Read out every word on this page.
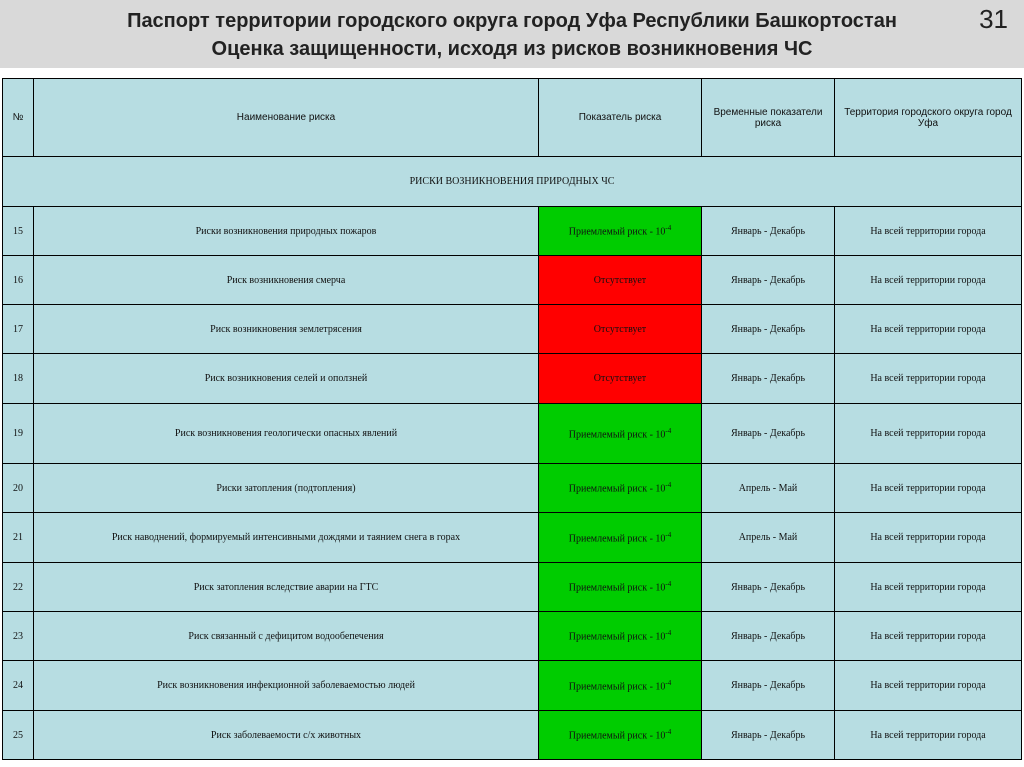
Паспорт территории городского округа город Уфа Республики Башкортостан
Оценка защищенности, исходя из рисков возникновения ЧС
31
№	Наименование риска	Показатель риска	Временные показатели риска	Территория городского округа город Уфа
РИСКИ ВОЗНИКНОВЕНИЯ ПРИРОДНЫХ ЧС				
15	Риски возникновения природных пожаров	Приемлемый риск - $10^{-4}$	Январь - Декабрь	На всей территории города
16	Риск возникновения смерча	Отсутствует	Январь - Декабрь	На всей территории города
17	Риск возникновения землетрясения	Отсутствует	Январь - Декабрь	На всей территории города
18	Риск возникновения селей и оползней	Отсутствует	Январь - Декабрь	На всей территории города
19	Риск возникновения геологически опасных явлений	Приемлемый риск - $10^{-4}$	Январь - Декабрь	На всей территории города
20	Риски затопления (подтопления)	Приемлемый риск - $10^{-4}$	Апрель - Май	На всей территории города
21	Риск наводнений, формируемый интенсивными дождями и таянием снега в горах	Приемлемый риск - $10^{-4}$	Апрель - Май	На всей территории города
22	Риск затопления вследствие аварии на ГТС	Приемлемый риск - $10^{-4}$	Январь - Декабрь	На всей территории города
23	Риск связанный с дефицитом водообепечения	Приемлемый риск - $10^{-4}$	Январь - Декабрь	На всей территории города
24	Риск возникновения инфекционной заболеваемостью людей	Приемлемый риск - $10^{-4}$	Январь - Декабрь	На всей территории города
25	Риск заболеваемости с/х животных	Приемлемый риск - $10^{-4}$	Январь - Декабрь	На всей территории города
